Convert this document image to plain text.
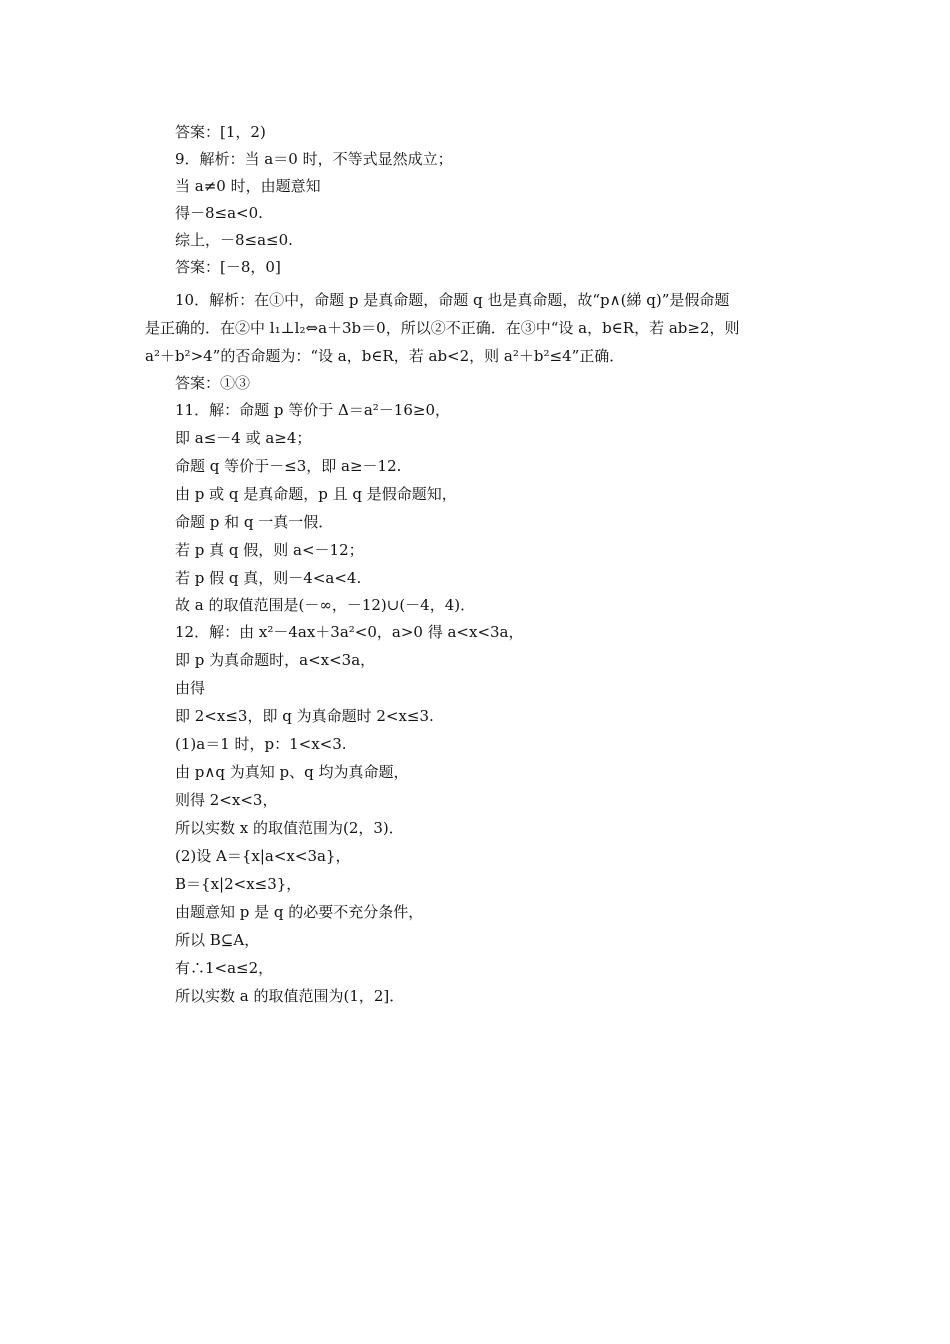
答案：[1，2)
9．解析：当 a＝0 时，不等式显然成立；
当 a≠0 时，由题意知
得－8≤a<0.
综上，－8≤a≤0.
答案：[－8，0]
10．解析：在①中，命题 p 是真命题，命题 q 也是真命题，故“p∧(綈 q)”是假命题
是正确的．在②中 l₁⊥l₂⇔a＋3b＝0，所以②不正确．在③中“设 a，b∈R，若 ab≥2，则
a²＋b²>4”的否命题为：“设 a，b∈R，若 ab<2，则 a²＋b²≤4”正确．
答案：①③
11．解：命题 p 等价于 Δ＝a²－16≥0，
即 a≤－4 或 a≥4；
命题 q 等价于－≤3，即 a≥－12.
由 p 或 q 是真命题，p 且 q 是假命题知，
命题 p 和 q 一真一假．
若 p 真 q 假，则 a<－12；
若 p 假 q 真，则－4<a<4.
故 a 的取值范围是(－∞，－12)∪(－4，4)．
12．解：由 x²－4ax＋3a²<0，a>0 得 a<x<3a，
即 p 为真命题时，a<x<3a，
由得
即 2<x≤3，即 q 为真命题时 2<x≤3.
(1)a＝1 时，p：1<x<3.
由 p∧q 为真知 p、q 均为真命题，
则得 2<x<3，
所以实数 x 的取值范围为(2，3)．
(2)设 A＝{x|a<x<3a}，
B＝{x|2<x≤3}，
由题意知 p 是 q 的必要不充分条件，
所以 B⊆A，
有∴1<a≤2，
所以实数 a 的取值范围为(1，2]．
